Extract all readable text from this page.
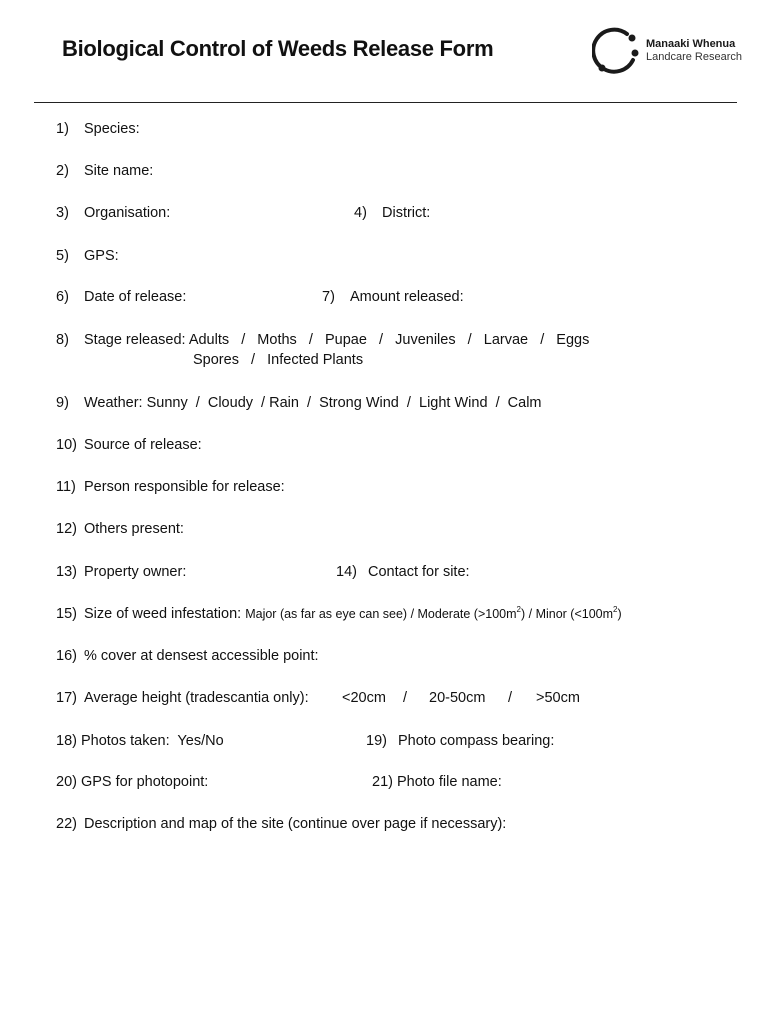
Biological Control of Weeds Release Form	Manaaki Whenua
Landcare Research
1) Species:
2) Site name:
3) Organisation:	4) District:
5) GPS:
6) Date of release:	7) Amount released:
8) Stage released: Adults   /   Moths   /   Pupae   /   Juveniles   /   Larvae   /   Eggs
Spores   /   Infected Plants
9) Weather: Sunny  /  Cloudy  / Rain  /  Strong Wind  /  Light Wind  /  Calm
10) Source of release:
11) Person responsible for release:
12) Others present:
13) Property owner:	14) Contact for site:
15) Size of weed infestation: Major (as far as eye can see) / Moderate $(>100m^2)$ / Minor $(<100m^2)$
16) % cover at densest accessible point:
17) Average height (tradescantia only): <20cm / 20-50cm / >50cm
18) Photos taken:  Yes/No	19) Photo compass bearing:
20) GPS for photopoint:	21) Photo file name:
22) Description and map of the site (continue over page if necessary):
